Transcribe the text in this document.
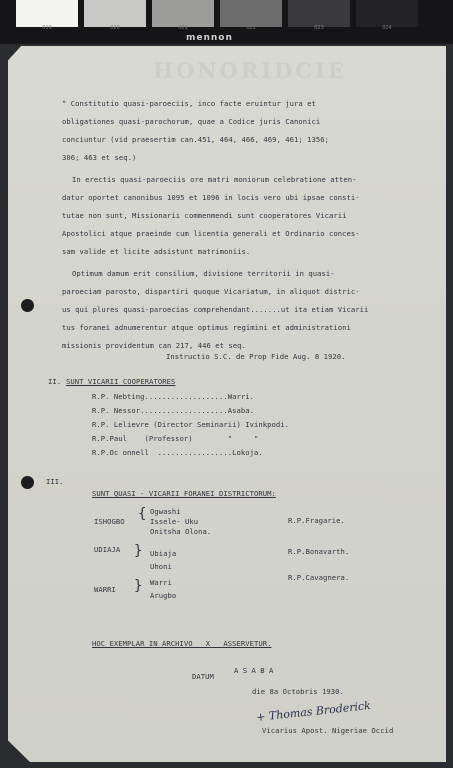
019	020	021	022	023	024
mennon
HONORIDCIE
° Constitutio quasi-paroeciis, inco facte eruintur jura et
obligationes quasi-parochorum, quae a Codice juris Canonici
conciuntur (vid praesertim can.451, 464, 466, 469, 461; 1356;
306; 463 et seq.)
In erectis quasi-paroeciis ore matri moniorum celebratione atten-
datur oportet canonibus 1095 et 1096 in locis vero ubi ipsae consti-
tutae non sunt, Missionarii commenmendi sunt cooperatores Vicarii
Apostolici atque praeinde cum licentia generali et Ordinario conces-
sam valide et licite adsistunt matrimoniis.
Optimum damum erit consilium, divisione territorii in quasi-
paroeciam parosto, dispartiri quoque Vicariatum, in aliquot distric-
us qui plures quasi-paroecias comprehendant.......ut ita etiam Vicarii
tus foranei adnumerentur atque optimus regimini et administrationi
missionis providentum can 217, 446 et seq.
Instructio S.C. de Prop Fide Aug. 8 1920.
II. SUNT VICARII COOPERATORES
R.P. Nebting...................Warri.
R.P. Nessor....................Asaba.
R.P. Lelievre (Director Seminarii) Ivinkpodi.
R.P.Paul    (Professor)        "     "
R.P.Oc onnell  .................Lokoja.
III.
SUNT QUASI - VICARII FORANEI DISTRICTORUM:
ISHOGBO { Ogwashi
Issele- Uku
Onitsha Olona.
R.P.Fragarie.
UDIAJA } Ubiaja
Uhoni
R.P.Bonavarth.
WARRI } Warri
Arugbo
R.P.Cavagnera.
HOC EXEMPLAR IN ARCHIVO   X   ASSERVETUR.
DATUM
A S A B A
die 8a Octobris 1930.
+ Thomas Broderick
Vicarius Apost. Nigeriae Occid
